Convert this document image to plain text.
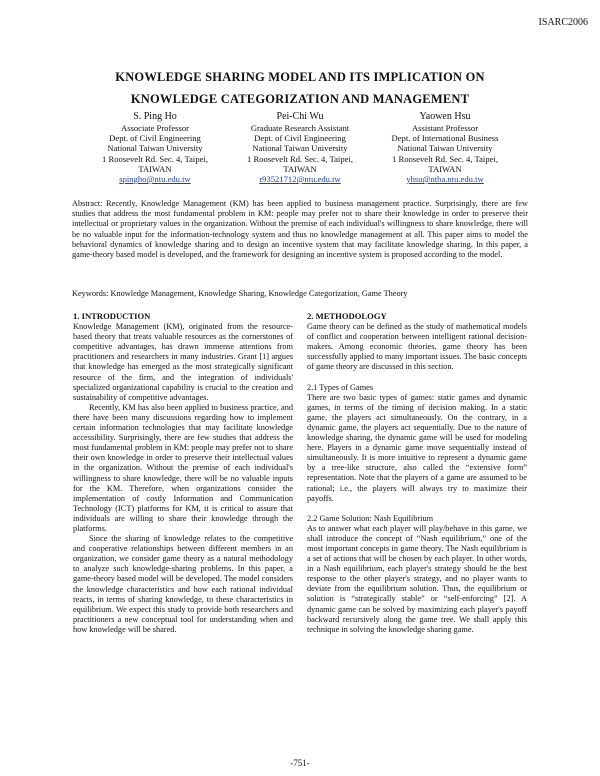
ISARC2006
KNOWLEDGE SHARING MODEL AND ITS IMPLICATION ON
KNOWLEDGE CATEGORIZATION AND MANAGEMENT
S. Ping Ho
Associate Professor
Dept. of Civil Engineering
National Taiwan University
1 Roosevelt Rd. Sec. 4, Taipei,
TAIWAN
spingho@ntu.edu.tw
Pei-Chi Wu
Graduate Research Assistant
Dept. of Civil Engineering
National Taiwan University
1 Roosevelt Rd. Sec. 4, Taipei,
TAIWAN
r93521712@ntu.edu.tw
Yaowen Hsu
Assistant Professor
Dept. of International Business
National Taiwan University
1 Roosevelt Rd. Sec. 4, Taipei,
TAIWAN
yhsu@ntba.ntu.edu.tw
Abstract: Recently, Knowledge Management (KM) has been applied to business management practice. Surprisingly, there are few studies that address the most fundamental problem in KM: people may prefer not to share their knowledge in order to preserve their intellectual or proprietary values in the organization. Without the premise of each individual's willingness to share knowledge, there will be no valuable input for the information-technology system and thus no knowledge management at all. This paper aims to model the behavioral dynamics of knowledge sharing and to design an incentive system that may facilitate knowledge sharing. In this paper, a game-theory based model is developed, and the framework for designing an incentive system is proposed according to the model.
Keywords: Knowledge Management, Knowledge Sharing, Knowledge Categorization, Game Theory
1. INTRODUCTION

Knowledge Management (KM), originated from the resource-based theory that treats valuable resources as the cornerstones of competitive advantages, has drawn immense attentions from practitioners and researchers in many industries. Grant [1] argues that knowledge has emerged as the most strategically significant resource of the firm, and the integration of individuals' specialized organizational capability is crucial to the creation and sustainability of competitive advantages.

Recently, KM has also been applied to business practice, and there have been many discussions regarding how to implement certain information technologies that may facilitate knowledge accessibility. Surprisingly, there are few studies that address the most fundamental problem in KM: people may prefer not to share their own knowledge in order to preserve their intellectual values in the organization. Without the premise of each individual's willingness to share knowledge, there will be no valuable inputs for the KM. Therefore, when organizations consider the implementation of costly Information and Communication Technology (ICT) platforms for KM, it is critical to assure that individuals are willing to share their knowledge through the platforms.

Since the sharing of knowledge relates to the competitive and cooperative relationships between different members in an organization, we consider game theory as a natural methodology to analyze such knowledge-sharing problems. In this paper, a game-theory based model will be developed. The model considers the knowledge characteristics and how each rational individual reacts, in terms of sharing knowledge, to these characteristics in equilibrium. We expect this study to provide both researchers and practitioners a new conceptual tool for understanding when and how knowledge will be shared.

2. METHODOLOGY

Game theory can be defined as the study of mathematical models of conflict and cooperation between intelligent rational decision-makers. Among economic theories, game theory has been successfully applied to many important issues. The basic concepts of game theory are discussed in this section.

2.1 Types of Games

There are two basic types of games: static games and dynamic games, in terms of the timing of decision making. In a static game, the players act simultaneously. On the contrary, in a dynamic game, the players act sequentially. Due to the nature of knowledge sharing, the dynamic game will be used for modeling here. Players in a dynamic game move sequentially instead of simultaneously. It is more intuitive to represent a dynamic game by a tree-like structure, also called the “extensive form” representation. Note that the players of a game are assumed to be rational; i.e., the players will always try to maximize their payoffs.

2.2 Game Solution: Nash Equilibrium

As to answer what each player will play/behave in this game, we shall introduce the concept of “Nash equilibrium,” one of the most important concepts in game theory. The Nash equilibrium is a set of actions that will be chosen by each player. In other words, in a Nash equilibrium, each player's strategy should be the best response to the other player's strategy, and no player wants to deviate from the equilibrium solution. Thus, the equilibrium or solution is “strategically stable” or “self-enforcing” [2]. A dynamic game can be solved by maximizing each player's payoff backward recursively along the game tree. We shall apply this technique in solving the knowledge sharing game.

-751-
